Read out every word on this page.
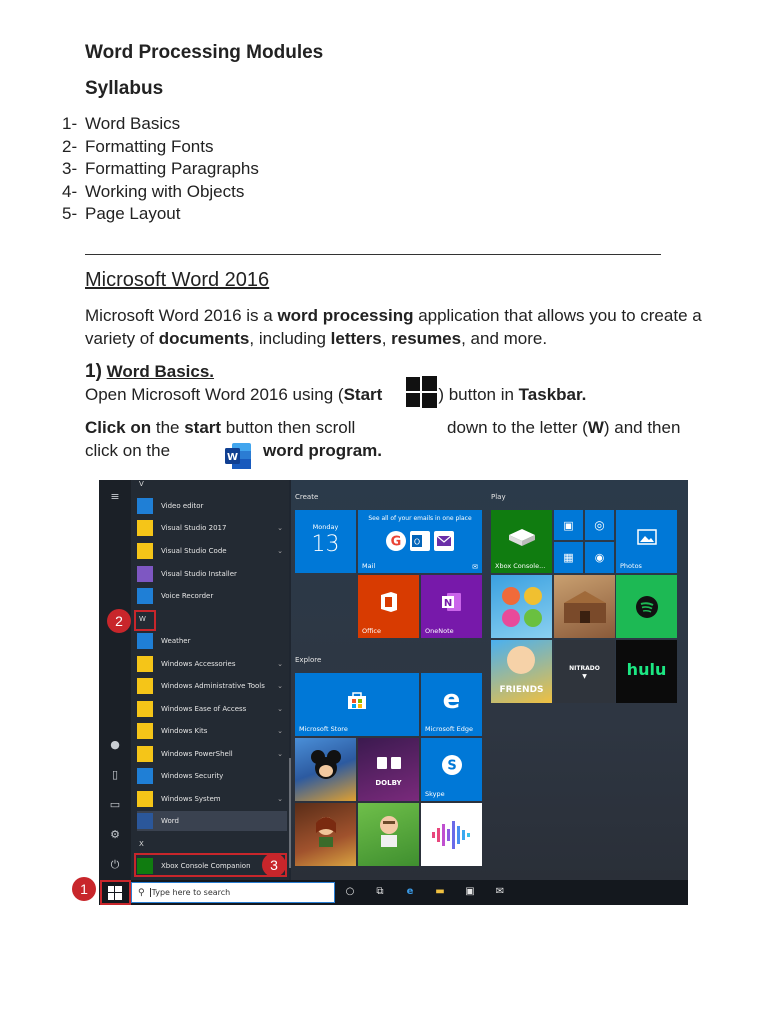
Word Processing Modules
Syllabus
1- Word Basics
2- Formatting Fonts
3- Formatting Paragraphs
4- Working with Objects
5- Page Layout
Microsoft Word 2016
Microsoft Word 2016 is a word processing application that allows you to create a variety of documents, including letters, resumes, and more.
1) Word Basics.
Open Microsoft Word 2016 using (Start	) button in Taskbar.
Click on the start button then scroll	down to the letter (W) and then
click on the	W word program.
≡
●
▯
▭
⚙
⏻
V
W
X
Video editor
Visual Studio 2017	⌄
Visual Studio Code	⌄
Visual Studio Installer
Voice Recorder
Weather
Windows Accessories	⌄
Windows Administrative Tools ⌄
Windows Ease of Access	⌄
Windows Kits	⌄
Windows PowerShell	⌄
Windows Security
Windows System	⌄
Word
Xbox Console Companion
Create	Play
Explore
Monday
13
See all of your emails in one place
G O
Mail	✉
Office
N
OneNote
Microsoft Store
e
Microsoft Edge
DOLBY
S
Skype
Xbox Console...
▣	◎
▦	◉
Photos
FRIENDS
NITRADO
▼	hulu
⚲ Type here to search	○	⧉	e	▬ ▣ ✉
1
2
3
